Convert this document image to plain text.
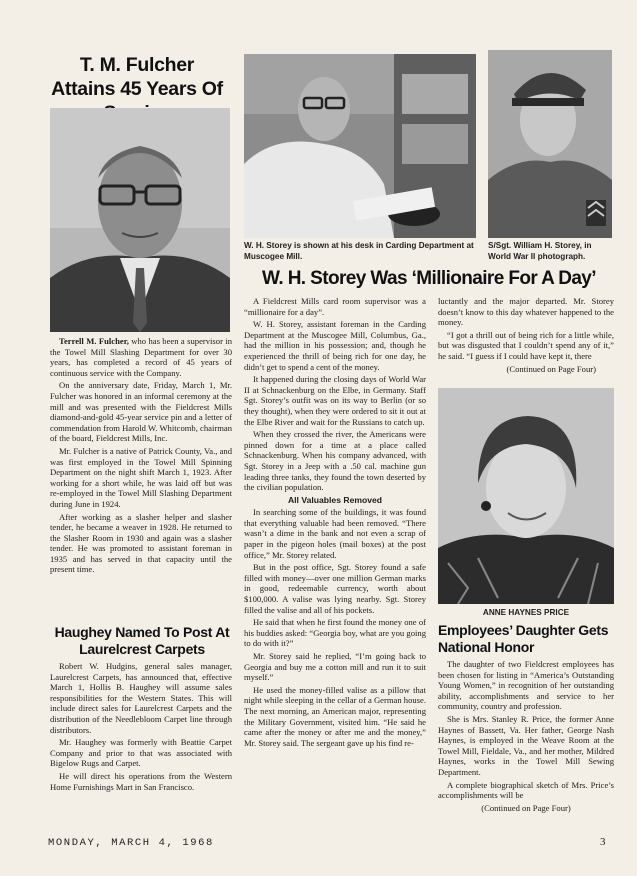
T. M. Fulcher Attains 45 Years Of

Terrell M. Fulcher, who has been a supervisor in the Towel Mill Slashing Department for over 30 years, has completed a record of 45 years of continuous service with the Company.

On the anniversary date, Friday, March 1, Mr. Fulcher was honored in an informal ceremony at the mill and was presented with the Fieldcrest Mills diamond-and-gold 45-year service pin and a letter of commendation from Harold W. Whitcomb, chairman of the board, Fieldcrest Mills, Inc.

Mr. Fulcher is a native of Patrick County, Va., and was first employed in the Towel Mill Spinning Department on the night shift March 1, 1923. After working for a short while, he was laid off but was re-employed in the Towel Mill Slashing Department during June in 1924.

After working as a slasher helper and slasher tender, he became a weaver in 1928. He returned to the Slasher Room in 1930 and again was a slasher tender. He was promoted to assistant foreman in 1935 and has served in that capacity until the present time.

Haughey Named To Post At Laurelcrest Carpets

Robert W. Hudgins, general sales manager, Laurelcrest Carpets, has announced that, effective March 1, Hollis B. Haughey will assume sales responsibilities for the Western States. This will include direct sales for Laurelcrest Carpets and the distribution of the Needlebloom Carpet line through distributors.

Mr. Haughey was formerly with Beattie Carpet Company and prior to that was associated with Bigelow Rugs and Carpet.

He will direct his operations from the Western Home Furnishings Mart in San Francisco.

W. H. Storey is shown at his desk in Carding Department at Muscogee Mill.
S/Sgt. William H. Storey, in World War II photograph.
W. H. Storey Was ‘Millionaire For A Day’

A Fieldcrest Mills card room supervisor was a “millionaire for a day”.

W. H. Storey, assistant foreman in the Carding Department at the Muscogee Mill, Columbus, Ga., had the million in his possession; and, though he experienced the thrill of being rich for one day, he didn’t get to spend a cent of the money.

It happened during the closing days of World War II at Schnackenburg on the Elbe, in Germany. Staff Sgt. Storey’s outfit was on its way to Berlin (or so they thought), when they were ordered to sit it out at the Elbe River and wait for the Russians to catch up.

When they crossed the river, the Americans were pinned down for a time at a place called Schnackenburg. When his company advanced, with Sgt. Storey in a Jeep with a .50 cal. machine gun leading three tanks, they found the town deserted by the civilian population.

All Valuables Removed

In searching some of the buildings, it was found that everything valuable had been removed. “There wasn’t a dime in the bank and not even a scrap of paper in the pigeon holes (mail boxes) at the post office,” Mr. Storey related.

But in the post office, Sgt. Storey found a safe filled with money—over one million German marks in good, redeemable currency, worth about $100,000. A valise was lying nearby. Sgt. Storey filled the valise and all of his pockets.

He said that when he first found the money one of his buddies asked: “Georgia boy, what are you going to do with it?”

Mr. Storey said he replied, “I’m going back to Georgia and buy me a cotton mill and run it to suit myself.”

He used the money-filled valise as a pillow that night while sleeping in the cellar of a German house. The next morning, an American major, representing the Military Government, visited him. “He said he came after the money or after me and the money,” Mr. Storey said. The sergeant gave up his find re-

luctantly and the major departed. Mr. Storey doesn’t know to this day whatever happened to the money.

“I got a thrill out of being rich for a little while, but was disgusted that I couldn’t spend any of it,” he said. “I guess if I could have kept it, there

(Continued on Page Four)
ANNE HAYNES PRICE
Employees’ Daughter Gets National Honor

The daughter of two Fieldcrest employees has been chosen for listing in “America’s Outstanding Young Women,” in recognition of her outstanding ability, accomplishments and service to her community, country and profession.

She is Mrs. Stanley R. Price, the former Anne Haynes of Bassett, Va. Her father, George Nash Haynes, is employed in the Weave Room at the Towel Mill, Fieldale, Va., and her mother, Mildred Haynes, works in the Towel Mill Sewing Department.

A complete biographical sketch of Mrs. Price’s accomplishments will be

(Continued on Page Four)
MONDAY, MARCH 4, 1968	3
